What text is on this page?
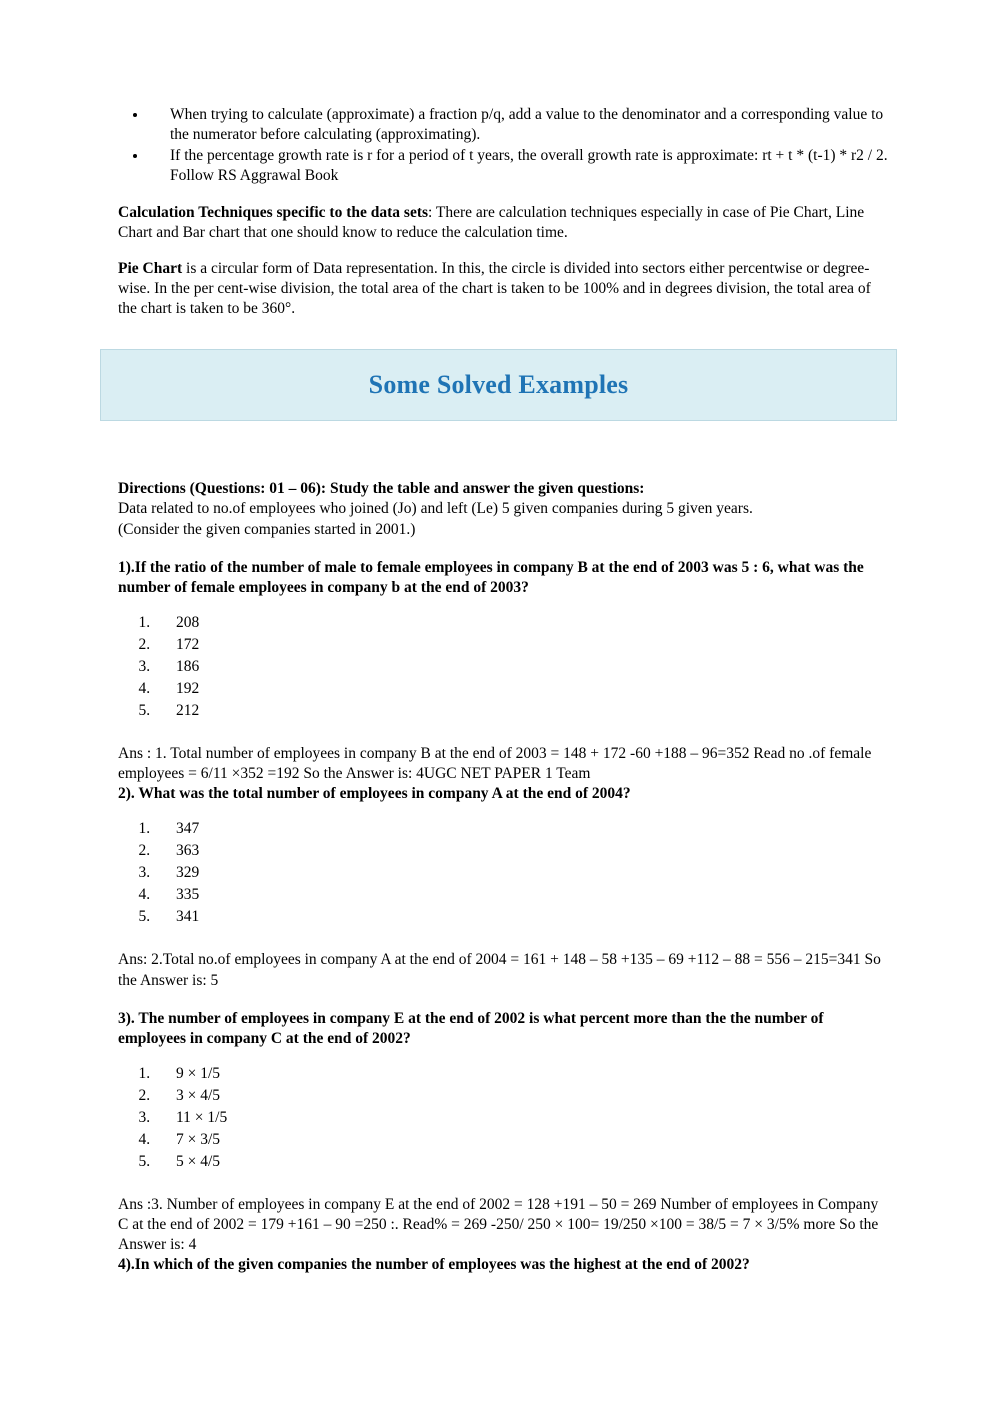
• When trying to calculate (approximate) a fraction p/q, add a value to the denominator and a corresponding value to the numerator before calculating (approximating).
• If the percentage growth rate is r for a period of t years, the overall growth rate is approximate: rt + t * (t-1) * r2 / 2. Follow RS Aggrawal Book

Calculation Techniques specific to the data sets: There are calculation techniques especially in case of Pie Chart, Line Chart and Bar chart that one should know to reduce the calculation time.

Pie Chart is a circular form of Data representation. In this, the circle is divided into sectors either percentwise or degree-wise. In the per cent-wise division, the total area of the chart is taken to be 100% and in degrees division, the total area of the chart is taken to be 360°.

Some Solved Examples

Directions (Questions: 01 – 06): Study the table and answer the given questions:

Data related to no.of employees who joined (Jo) and left (Le) 5 given companies during 5 given years.

(Consider the given companies started in 2001.)

1).If the ratio of the number of male to female employees in company B at the end of 2003 was 5 : 6, what was the number of female employees in company b at the end of 2003?

1. 208
2. 172
3. 186
4. 192
5. 212

Ans : 1. Total number of employees in company B at the end of 2003 = 148 + 172 -60 +188 – 96=352 Read no .of female employees = 6/11 ×352 =192 So the Answer is: 4UGC NET PAPER 1 Team

2). What was the total number of employees in company A at the end of 2004?

1. 347
2. 363
3. 329
4. 335
5. 341

Ans: 2.Total no.of employees in company A at the end of 2004 = 161 + 148 – 58 +135 – 69 +112 – 88 = 556 – 215=341 So the Answer is: 5

3). The number of employees in company E at the end of 2002 is what percent more than the the number of employees in company C at the end of 2002?

1. 9 × 1/5
2. 3 × 4/5
3. 11 × 1/5
4. 7 × 3/5
5. 5 × 4/5

Ans :3. Number of employees in company E at the end of 2002 = 128 +191 – 50 = 269 Number of employees in Company C at the end of 2002 = 179 +161 – 90 =250 :. Read% = 269 -250/ 250 × 100= 19/250 ×100 = 38/5 = 7 × 3/5% more So the Answer is: 4

4).In which of the given companies the number of employees was the highest at the end of 2002?
